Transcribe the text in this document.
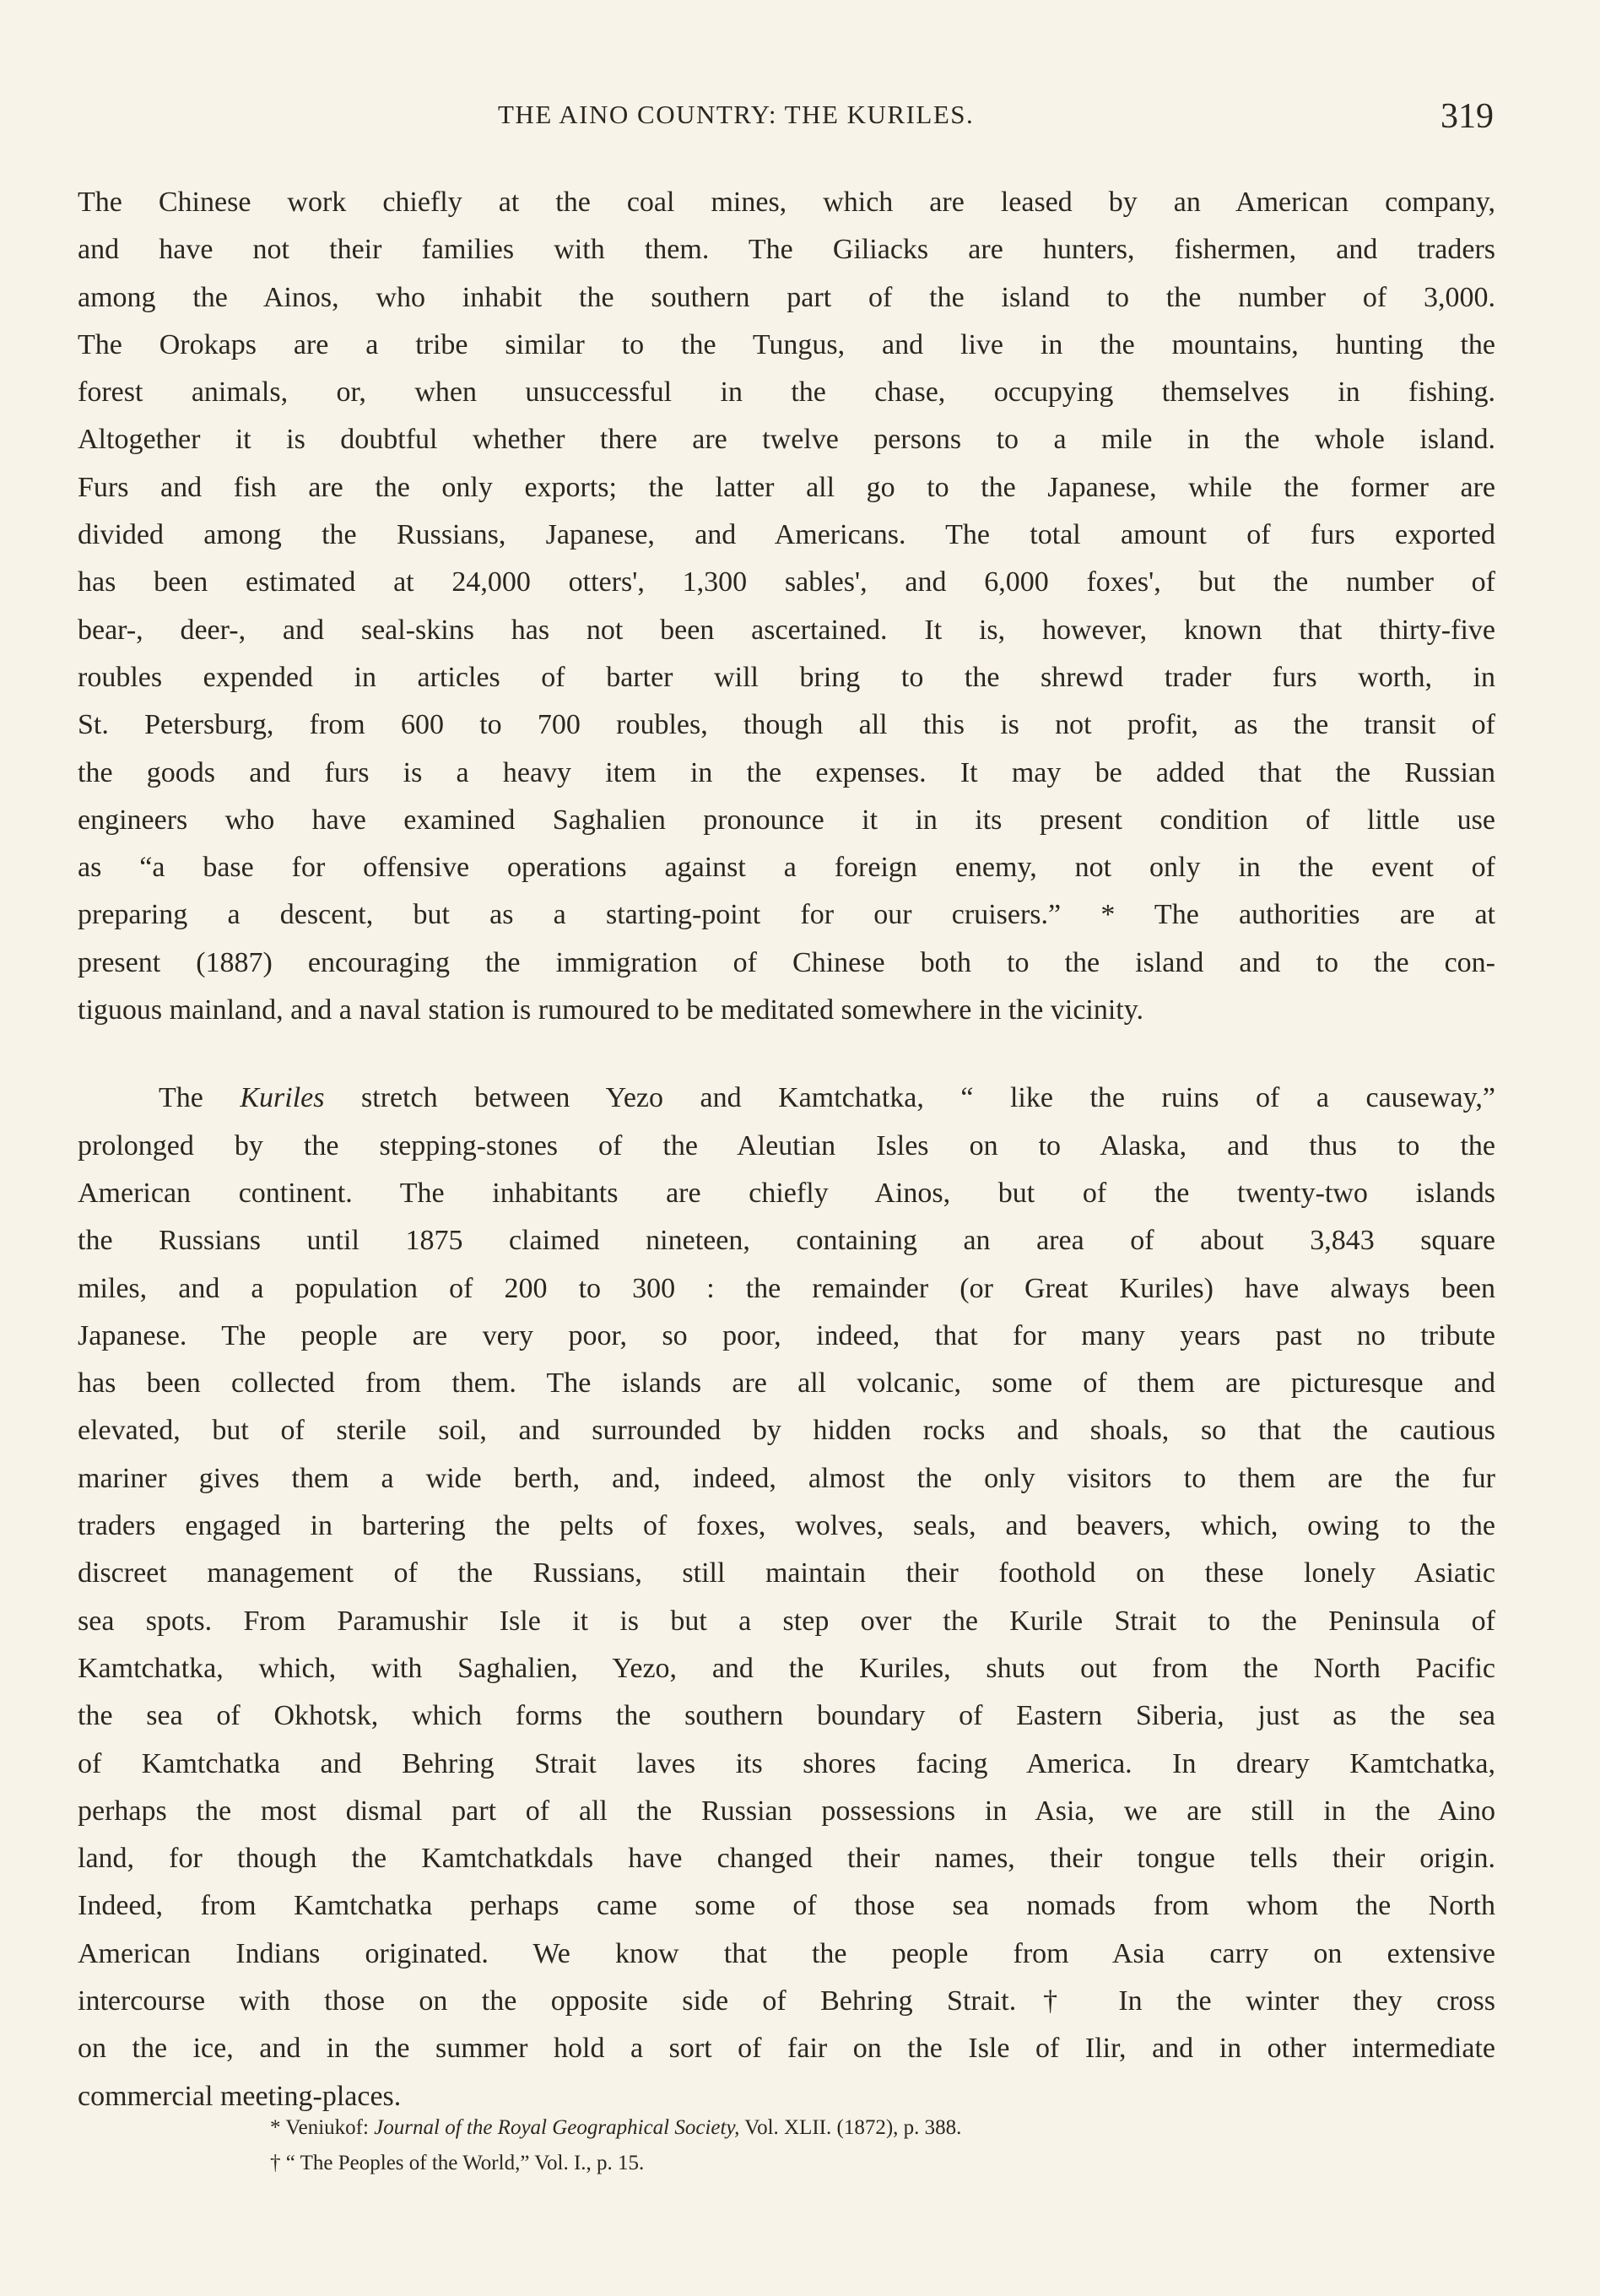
THE AINO COUNTRY: THE KURILES.	319

The Chinese work chiefly at the coal mines, which are leased by an American company,
and have not their families with them. The Giliacks are hunters, fishermen, and traders
among the Ainos, who inhabit the southern part of the island to the number of 3,000.
The Orokaps are a tribe similar to the Tungus, and live in the mountains, hunting the
forest animals, or, when unsuccessful in the chase, occupying themselves in fishing.
Altogether it is doubtful whether there are twelve persons to a mile in the whole island.
Furs and fish are the only exports; the latter all go to the Japanese, while the former are
divided among the Russians, Japanese, and Americans. The total amount of furs exported
has been estimated at 24,000 otters', 1,300 sables', and 6,000 foxes', but the number of
bear-, deer-, and seal-skins has not been ascertained. It is, however, known that thirty-five
roubles expended in articles of barter will bring to the shrewd trader furs worth, in
St. Petersburg, from 600 to 700 roubles, though all this is not profit, as the transit of
the goods and furs is a heavy item in the expenses. It may be added that the Russian
engineers who have examined Saghalien pronounce it in its present condition of little use
as “a base for offensive operations against a foreign enemy, not only in the event of
preparing a descent, but as a starting-point for our cruisers.” * The authorities are at
present (1887) encouraging the immigration of Chinese both to the island and to the con-
tiguous mainland, and a naval station is rumoured to be meditated somewhere in the vicinity.

The Kuriles stretch between Yezo and Kamtchatka, “ like the ruins of a causeway,”
prolonged by the stepping-stones of the Aleutian Isles on to Alaska, and thus to the
American continent. The inhabitants are chiefly Ainos, but of the twenty-two islands
the Russians until 1875 claimed nineteen, containing an area of about 3,843 square
miles, and a population of 200 to 300 : the remainder (or Great Kuriles) have always been
Japanese. The people are very poor, so poor, indeed, that for many years past no tribute
has been collected from them. The islands are all volcanic, some of them are picturesque and
elevated, but of sterile soil, and surrounded by hidden rocks and shoals, so that the cautious
mariner gives them a wide berth, and, indeed, almost the only visitors to them are the fur
traders engaged in bartering the pelts of foxes, wolves, seals, and beavers, which, owing to the
discreet management of the Russians, still maintain their foothold on these lonely Asiatic
sea spots. From Paramushir Isle it is but a step over the Kurile Strait to the Peninsula of
Kamtchatka, which, with Saghalien, Yezo, and the Kuriles, shuts out from the North Pacific
the sea of Okhotsk, which forms the southern boundary of Eastern Siberia, just as the sea
of Kamtchatka and Behring Strait laves its shores facing America. In dreary Kamtchatka,
perhaps the most dismal part of all the Russian possessions in Asia, we are still in the Aino
land, for though the Kamtchatkdals have changed their names, their tongue tells their origin.
Indeed, from Kamtchatka perhaps came some of those sea nomads from whom the North
American Indians originated. We know that the people from Asia carry on extensive
intercourse with those on the opposite side of Behring Strait.† In the winter they cross
on the ice, and in the summer hold a sort of fair on the Isle of Ilir, and in other intermediate
commercial meeting-places.

* Veniukof: Journal of the Royal Geographical Society, Vol. XLII. (1872), p. 388.
† “ The Peoples of the World,” Vol. I., p. 15.
